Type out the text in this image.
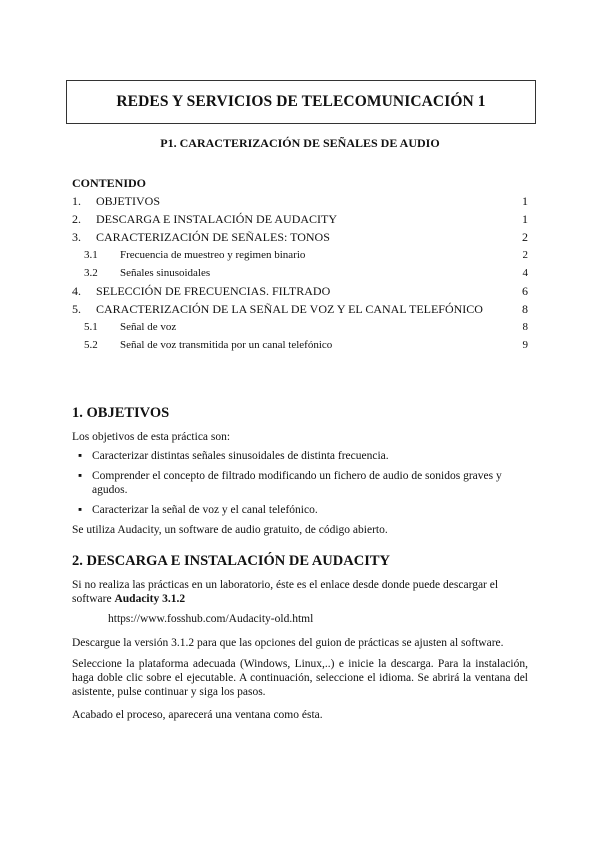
REDES Y SERVICIOS DE TELECOMUNICACIÓN 1
P1. CARACTERIZACIÓN DE SEÑALES DE AUDIO
CONTENIDO
1. OBJETIVOS	1
2. DESCARGA E INSTALACIÓN DE AUDACITY	1
3. CARACTERIZACIÓN DE SEÑALES: TONOS	2
3.1 Frecuencia de muestreo y regimen binario	2
3.2 Señales sinusoidales	4
4. SELECCIÓN DE FRECUENCIAS. FILTRADO	6
5. CARACTERIZACIÓN DE LA SEÑAL DE VOZ Y EL CANAL TELEFÓNICO	8
5.1 Señal de voz	8
5.2 Señal de voz transmitida por un canal telefónico	9
1. OBJETIVOS
Los objetivos de esta práctica son:
▪ Caracterizar distintas señales sinusoidales de distinta frecuencia.
▪ Comprender el concepto de filtrado modificando un fichero de audio de sonidos graves y agudos.
▪ Caracterizar la señal de voz y el canal telefónico.
Se utiliza Audacity, un software de audio gratuito, de código abierto.
2. DESCARGA E INSTALACIÓN DE AUDACITY
Si no realiza las prácticas en un laboratorio, éste es el enlace desde donde puede descargar el software Audacity 3.1.2
https://www.fosshub.com/Audacity-old.html
Descargue la versión 3.1.2 para que las opciones del guion de prácticas se ajusten al software.
Seleccione la plataforma adecuada (Windows, Linux,..) e inicie la descarga. Para la instalación, haga doble clic sobre el ejecutable. A continuación, seleccione el idioma. Se abrirá la ventana del asistente, pulse continuar y siga los pasos.
Acabado el proceso, aparecerá una ventana como ésta.
